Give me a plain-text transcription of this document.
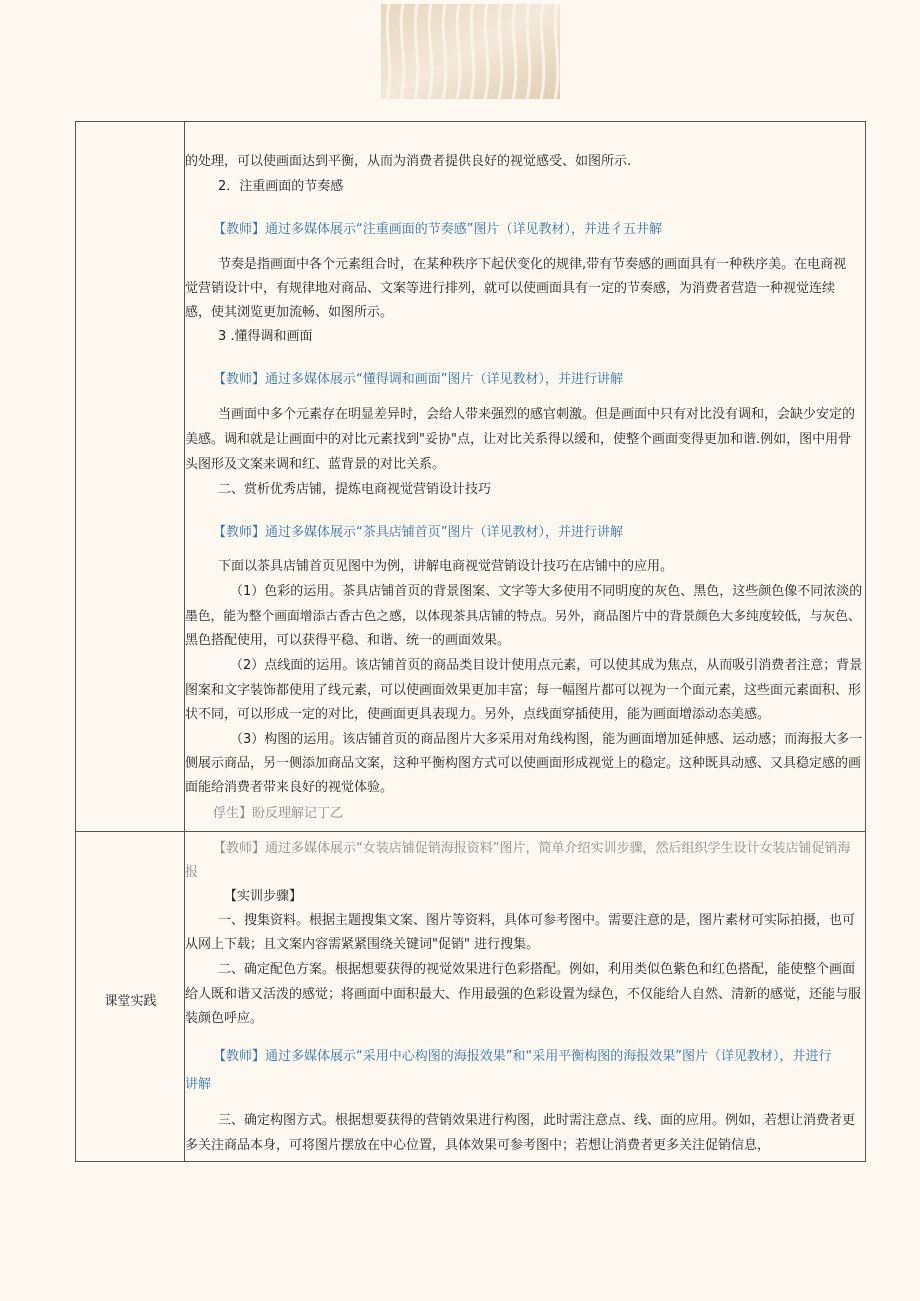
课堂实践
的处理，可以使画面达到平衡，从而为消费者提供良好的视觉感受、如图所示.
2．注重画面的节奏感
【教师】通过多媒体展示“注重画面的节奏感”图片（详见教材），并进彳五井解
节奏是指画面中各个元素组合时，在某种秩序下起伏变化的规律,带有节奏感的画面具有一种秩序美。在电商视
觉营销设计中，有规律地对商品、文案等进行排列，就可以使画面具有一定的节奏感，为消费者营造一种视觉连续
感，使其浏览更加流畅、如图所示。
3 .懂得调和画面
【教师】通过多媒体展示“懂得调和画面”图片（详见教材），并进行讲解
当画面中多个元素存在明显差异时，会给人带来强烈的感官刺激。但是画面中只有对比没有调和，会缺少安定的
美感。调和就是让画面中的对比元素找到"妥协"点，让对比关系得以缓和，使整个画面变得更加和谐.例如，图中用骨
头图形及文案来调和红、蓝背景的对比关系。
二、赏析优秀店铺，提炼电商视觉营销设计技巧
【教师】通过多媒体展示“茶具店铺首页”图片（详见教材），并进行讲解
下面以茶具店铺首页见图中为例，讲解电商视觉营销设计技巧在店铺中的应用。
（1）色彩的运用。茶具店铺首页的背景图案、文字等大多使用不同明度的灰色、黑色，这些颜色像不同浓淡的
墨色，能为整个画面增添古香古色之感，以体现茶具店铺的特点。另外，商品图片中的背景颜色大多纯度较低，与灰色、
黑色搭配使用，可以获得平稳、和谐、统一的画面效果。
（2）点线面的运用。该店铺首页的商品类目设计使用点元素，可以使其成为焦点，从而吸引消费者注意；背景
图案和文字装饰都使用了线元素，可以使画面效果更加丰富；每一幅图片都可以视为一个面元素，这些面元素面积、形
状不同，可以形成一定的对比，使画面更具表现力。另外，点线面穿插使用，能为画面增添动态美感。
（3）构图的运用。该店铺首页的商品图片大多采用对角线构图，能为画面增加延伸感、运动感；而海报大多一
侧展示商品，另一侧添加商品文案，这种平衡构图方式可以使画面形成视觉上的稳定。这种既具动感、又具稳定感的画
面能给消费者带来良好的视觉体验。
俘生】盼反理解记丁乙
【教师】通过多媒体展示“女装店铺促销海报资料”图片，简单介绍实训步骤，然后组织学生设计女装店铺促销海
报
【实训步骤】
一、搜集资料。根据主题搜集文案、图片等资料，具体可参考图中。需要注意的是，图片素材可实际拍摄，也可
从网上下载；且文案内容需紧紧围绕关键词"促销" 进行搜集。
二、确定配色方案。根据想要获得的视觉效果进行色彩搭配。例如，利用类似色紫色和红色搭配，能使整个画面
给人既和谐又活泼的感觉；将画面中面积最大、作用最强的色彩设置为绿色，不仅能给人自然、清新的感觉，还能与服
装颜色呼应。
【教师】通过多媒体展示“采用中心构图的海报效果”和“采用平衡构图的海报效果”图片（详见教材），并进行
讲解
三、确定构图方式。根据想要获得的营销效果进行构图，此时需注意点、线、面的应用。例如，若想让消费者更
多关注商品本身，可将图片摆放在中心位置，具体效果可参考图中；若想让消费者更多关注促销信息，
